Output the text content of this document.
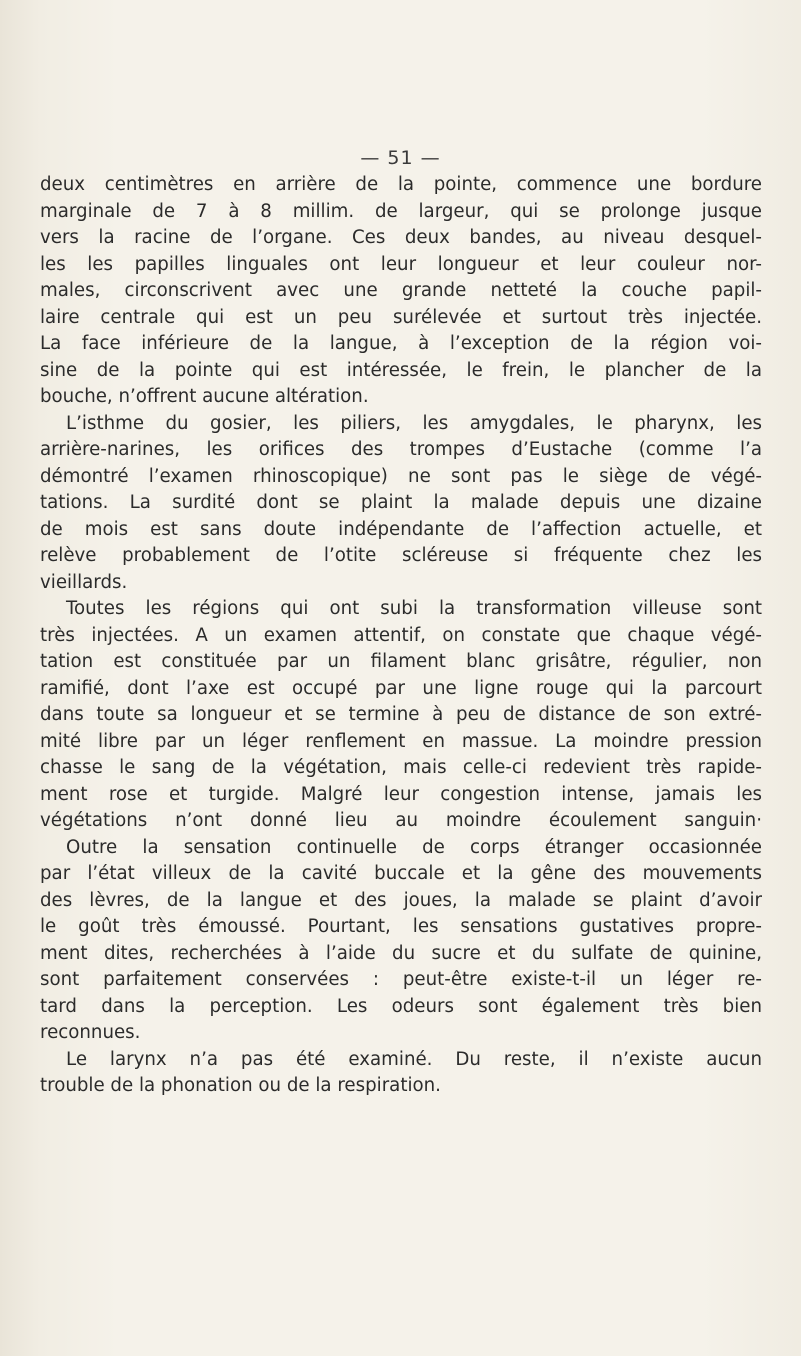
— 51 —
deux centimètres en arrière de la pointe, commence une bordure
marginale de 7 à 8 millim. de largeur, qui se prolonge jusque
vers la racine de l’organe. Ces deux bandes, au niveau desquel-
les les papilles linguales ont leur longueur et leur couleur nor-
males, circonscrivent avec une grande netteté la couche papil-
laire centrale qui est un peu surélevée et surtout très injectée.
La face inférieure de la langue, à l’exception de la région voi-
sine de la pointe qui est intéressée, le frein, le plancher de la
bouche, n’offrent aucune altération.
L’isthme du gosier, les piliers, les amygdales, le pharynx, les
arrière-narines, les orifices des trompes d’Eustache (comme l’a
démontré l’examen rhinoscopique) ne sont pas le siège de végé-
tations. La surdité dont se plaint la malade depuis une dizaine
de mois est sans doute indépendante de l’affection actuelle, et
relève probablement de l’otite scléreuse si fréquente chez les
vieillards.
Toutes les régions qui ont subi la transformation villeuse sont
très injectées. A un examen attentif, on constate que chaque végé-
tation est constituée par un filament blanc grisâtre, régulier, non
ramifié, dont l’axe est occupé par une ligne rouge qui la parcourt
dans toute sa longueur et se termine à peu de distance de son extré-
mité libre par un léger renflement en massue. La moindre pression
chasse le sang de la végétation, mais celle-ci redevient très rapide-
ment rose et turgide. Malgré leur congestion intense, jamais les
végétations n’ont donné lieu au moindre écoulement sanguin·
Outre la sensation continuelle de corps étranger occasionnée
par l’état villeux de la cavité buccale et la gêne des mouvements
des lèvres, de la langue et des joues, la malade se plaint d’avoir
le goût très émoussé. Pourtant, les sensations gustatives propre-
ment dites, recherchées à l’aide du sucre et du sulfate de quinine,
sont parfaitement conservées : peut-être existe-t-il un léger re-
tard dans la perception. Les odeurs sont également très bien
reconnues.
Le larynx n’a pas été examiné. Du reste, il n’existe aucun
trouble de la phonation ou de la respiration.
